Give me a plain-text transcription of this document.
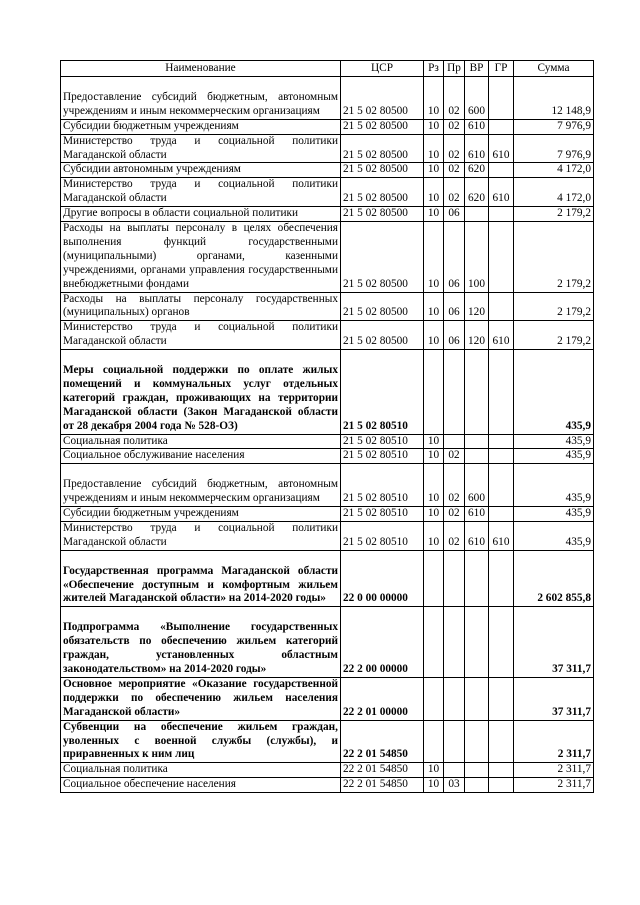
Наименование	ЦСР	Рз	Пр	ВР	ГР	Сумма
Предоставление субсидий бюджетным, автономным учреждениям и иным некоммерческим организациям	21 5 02 80500	10	02	600		12 148,9
Субсидии бюджетным учреждениям	21 5 02 80500	10	02	610		7 976,9
Министерство труда и социальной политики Магаданской области	21 5 02 80500	10	02	610	610	7 976,9
Субсидии автономным учреждениям	21 5 02 80500	10	02	620		4 172,0
Министерство труда и социальной политики Магаданской области	21 5 02 80500	10	02	620	610	4 172,0
Другие вопросы в области социальной политики	21 5 02 80500	10	06			2 179,2
Расходы на выплаты персоналу в целях обеспечения выполнения функций государственными (муниципальными) органами, казенными учреждениями, органами управления государственными внебюджетными фондами	21 5 02 80500	10	06	100		2 179,2
Расходы на выплаты персоналу государственных (муниципальных) органов	21 5 02 80500	10	06	120		2 179,2
Министерство труда и социальной политики Магаданской области	21 5 02 80500	10	06	120	610	2 179,2
Меры социальной поддержки по оплате жилых помещений и коммунальных услуг отдельных категорий граждан, проживающих на территории Магаданской области (Закон Магаданской области от 28 декабря 2004 года № 528-ОЗ)	21 5 02 80510					435,9
Социальная политика	21 5 02 80510	10				435,9
Социальное обслуживание населения	21 5 02 80510	10	02			435,9
Предоставление субсидий бюджетным, автономным учреждениям и иным некоммерческим организациям	21 5 02 80510	10	02	600		435,9
Субсидии бюджетным учреждениям	21 5 02 80510	10	02	610		435,9
Министерство труда и социальной политики Магаданской области	21 5 02 80510	10	02	610	610	435,9
Государственная программа Магаданской области «Обеспечение доступным и комфортным жильем жителей Магаданской области» на 2014-2020 годы»	22 0 00 00000					2 602 855,8
Подпрограмма «Выполнение государственных обязательств по обеспечению жильем категорий граждан, установленных областным законодательством» на 2014-2020 годы»	22 2 00 00000					37 311,7
Основное мероприятие «Оказание государственной поддержки по обеспечению жильем населения Магаданской области»	22 2 01 00000					37 311,7
Субвенции на обеспечение жильем граждан, уволенных с военной службы (службы), и приравненных к ним лиц	22 2 01 54850					2 311,7
Социальная политика	22 2 01 54850	10				2 311,7
Социальное обеспечение населения	22 2 01 54850	10	03			2 311,7
